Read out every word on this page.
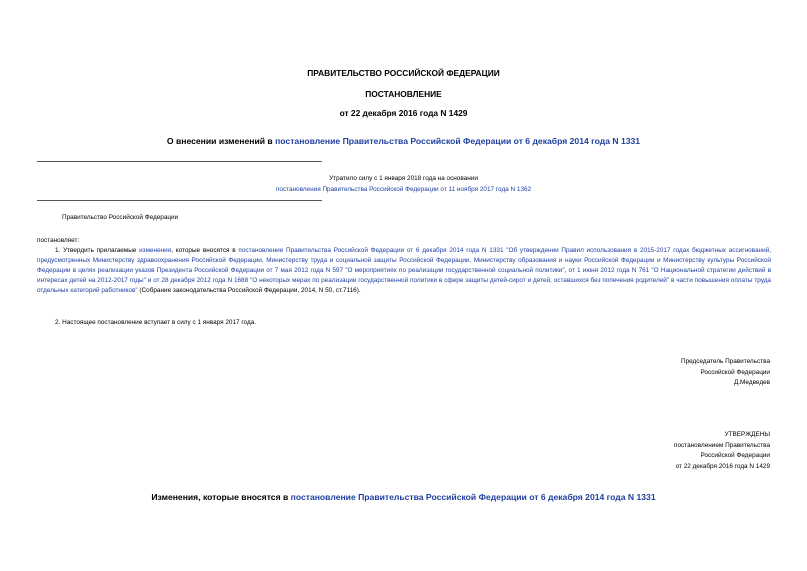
ПРАВИТЕЛЬСТВО РОССИЙСКОЙ ФЕДЕРАЦИИ
ПОСТАНОВЛЕНИЕ
от 22 декабря 2016 года N 1429
О внесении изменений в постановление Правительства Российской Федерации от 6 декабря 2014 года N 1331
Утратило силу с 1 января 2018 года на основании
постановления Правительства Российской Федерации от 11 ноября 2017 года N 1362
Правительство Российской Федерации
постановляет:
1. Утвердить прилагаемые изменения, которые вносятся в постановление Правительства Российской Федерации от 6 декабря 2014 года N 1331 "Об утверждении Правил использования в 2015-2017 годах бюджетных ассигнований, предусмотренных Министерству здравоохранения Российской Федерации, Министерству труда и социальной защиты Российской Федерации, Министерству образования и науки Российской Федерации и Министерству культуры Российской Федерации в целях реализации указов Президента Российской Федерации от 7 мая 2012 года N 597 "О мероприятиях по реализации государственной социальной политики", от 1 июня 2012 года N 761 "О Национальной стратегии действий в интересах детей на 2012-2017 годы" и от 28 декабря 2012 года N 1688 "О некоторых мерах по реализации государственной политики в сфере защиты детей-сирот и детей, оставшихся без попечения родителей" в части повышения оплаты труда отдельных категорий работников" (Собрание законодательства Российской Федерации, 2014, N 50, ст.7116).
2. Настоящее постановление вступает в силу с 1 января 2017 года.
Председатель Правительства
Российской Федерации
Д.Медведев
УТВЕРЖДЕНЫ
постановлением Правительства
Российской Федерации
от 22 декабря 2016 года N 1429
Изменения, которые вносятся в постановление Правительства Российской Федерации от 6 декабря 2014 года N 1331
